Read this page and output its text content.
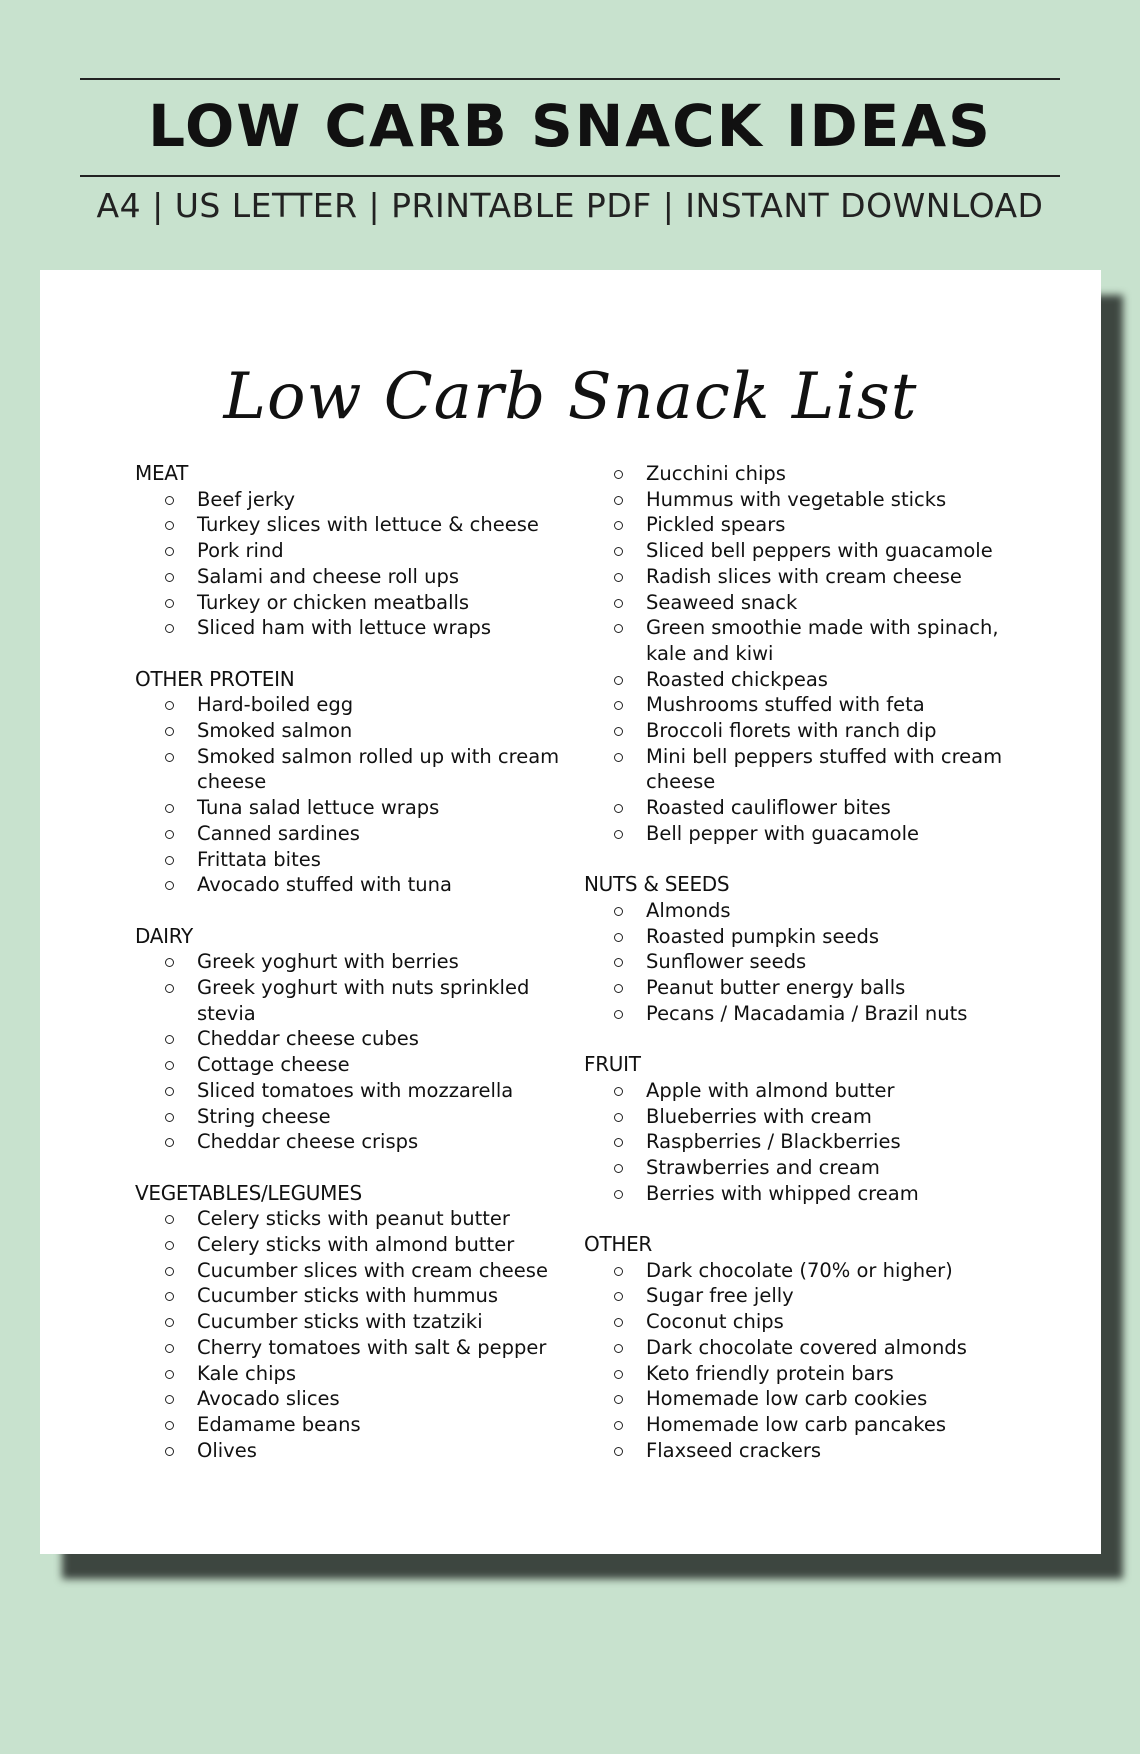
LOW CARB SNACK IDEAS
A4 | US LETTER | PRINTABLE PDF | INSTANT DOWNLOAD
Low Carb Snack List
MEAT
Beef jerky
Turkey slices with lettuce & cheese
Pork rind
Salami and cheese roll ups
Turkey or chicken meatballs
Sliced ham with lettuce wraps
OTHER PROTEIN
Hard-boiled egg
Smoked salmon
Smoked salmon rolled up with cream cheese
Tuna salad lettuce wraps
Canned sardines
Frittata bites
Avocado stuffed with tuna
DAIRY
Greek yoghurt with berries
Greek yoghurt with nuts sprinkled stevia
Cheddar cheese cubes
Cottage cheese
Sliced tomatoes with mozzarella
String cheese
Cheddar cheese crisps
VEGETABLES/LEGUMES
Celery sticks with peanut butter
Celery sticks with almond butter
Cucumber slices with cream cheese
Cucumber sticks with hummus
Cucumber sticks with tzatziki
Cherry tomatoes with salt & pepper
Kale chips
Avocado slices
Edamame beans
Olives
Zucchini chips
Hummus with vegetable sticks
Pickled spears
Sliced bell peppers with guacamole
Radish slices with cream cheese
Seaweed snack
Green smoothie made with spinach, kale and kiwi
Roasted chickpeas
Mushrooms stuffed with feta
Broccoli florets with ranch dip
Mini bell peppers stuffed with cream cheese
Roasted cauliflower bites
Bell pepper with guacamole
NUTS & SEEDS
Almonds
Roasted pumpkin seeds
Sunflower seeds
Peanut butter energy balls
Pecans / Macadamia / Brazil nuts
FRUIT
Apple with almond butter
Blueberries with cream
Raspberries / Blackberries
Strawberries and cream
Berries with whipped cream
OTHER
Dark chocolate (70% or higher)
Sugar free jelly
Coconut chips
Dark chocolate covered almonds
Keto friendly protein bars
Homemade low carb cookies
Homemade low carb pancakes
Flaxseed crackers
